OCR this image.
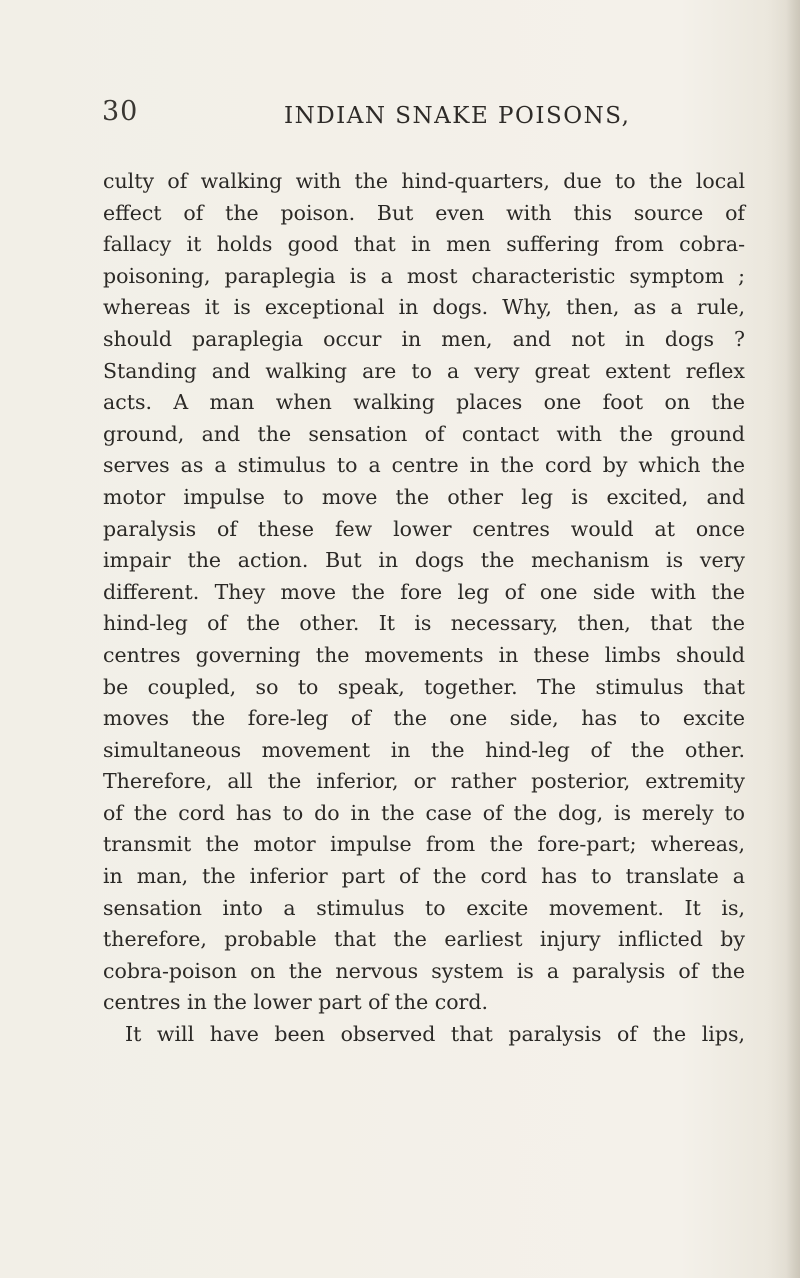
30	INDIAN SNAKE POISONS,
culty of walking with the hind-quarters, due to the local
effect of the poison. But even with this source of
fallacy it holds good that in men suffering from cobra-
poisoning, paraplegia is a most characteristic symptom ;
whereas it is exceptional in dogs. Why, then, as a rule,
should paraplegia occur in men, and not in dogs ?
Standing and walking are to a very great extent reflex
acts. A man when walking places one foot on the
ground, and the sensation of contact with the ground
serves as a stimulus to a centre in the cord by which the
motor impulse to move the other leg is excited, and
paralysis of these few lower centres would at once
impair the action. But in dogs the mechanism is very
different. They move the fore leg of one side with the
hind-leg of the other. It is necessary, then, that the
centres governing the movements in these limbs should
be coupled, so to speak, together. The stimulus that
moves the fore-leg of the one side, has to excite
simultaneous movement in the hind-leg of the other.
Therefore, all the inferior, or rather posterior, extremity
of the cord has to do in the case of the dog, is merely to
transmit the motor impulse from the fore-part; whereas,
in man, the inferior part of the cord has to translate a
sensation into a stimulus to excite movement. It is,
therefore, probable that the earliest injury inflicted by
cobra-poison on the nervous system is a paralysis of the
centres in the lower part of the cord.
It will have been observed that paralysis of the lips,
